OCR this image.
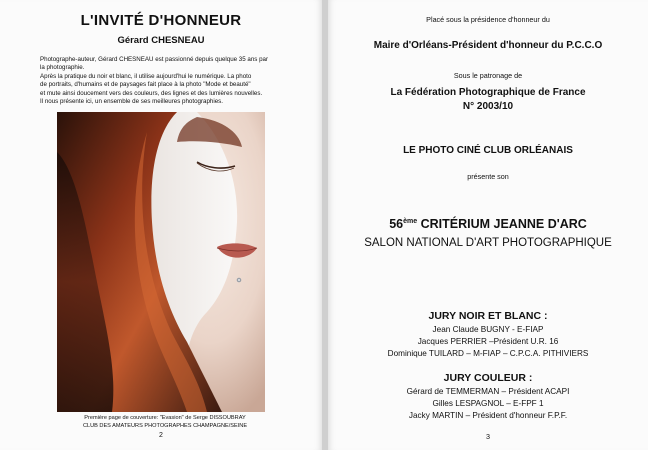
L'INVITÉ D'HONNEUR
Gérard CHESNEAU

Photographe-auteur, Gérard CHESNEAU est passionné depuis quelque 35 ans par

la photographie.

Après la pratique du noir et blanc, il utilise aujourd'hui le numérique. La photo

de portraits, d'humains et de paysages fait place à la photo "Mode et beauté"

et mute ainsi doucement vers des couleurs, des lignes et des lumières nouvelles.

Il nous présente ici, un ensemble de ses meilleures photographies.

Première page de couverture: "Evasion" de Serge DISSOUBRAY
CLUB DES AMATEURS PHOTOGRAPHES CHAMPAGNE/SEINE
2
Placé sous la présidence d'honneur du
Maire d'Orléans-Président d'honneur du P.C.C.O
Sous le patronage de
La Fédération Photographique de France
N° 2003/10
LE PHOTO CINÉ CLUB ORLÉANAIS
présente son
56ème CRITÉRIUM JEANNE D'ARC
SALON NATIONAL D'ART PHOTOGRAPHIQUE
JURY NOIR ET BLANC :
Jean Claude BUGNY - E-FIAP
Jacques PERRIER –Président U.R. 16
Dominique TUILARD – M-FIAP – C.P.C.A. PITHIVIERS
JURY COULEUR :
Gérard de TEMMERMAN – Président ACAPI
Gilles LESPAGNOL – E-FPF 1
Jacky MARTIN – Président d'honneur F.P.F.
3
